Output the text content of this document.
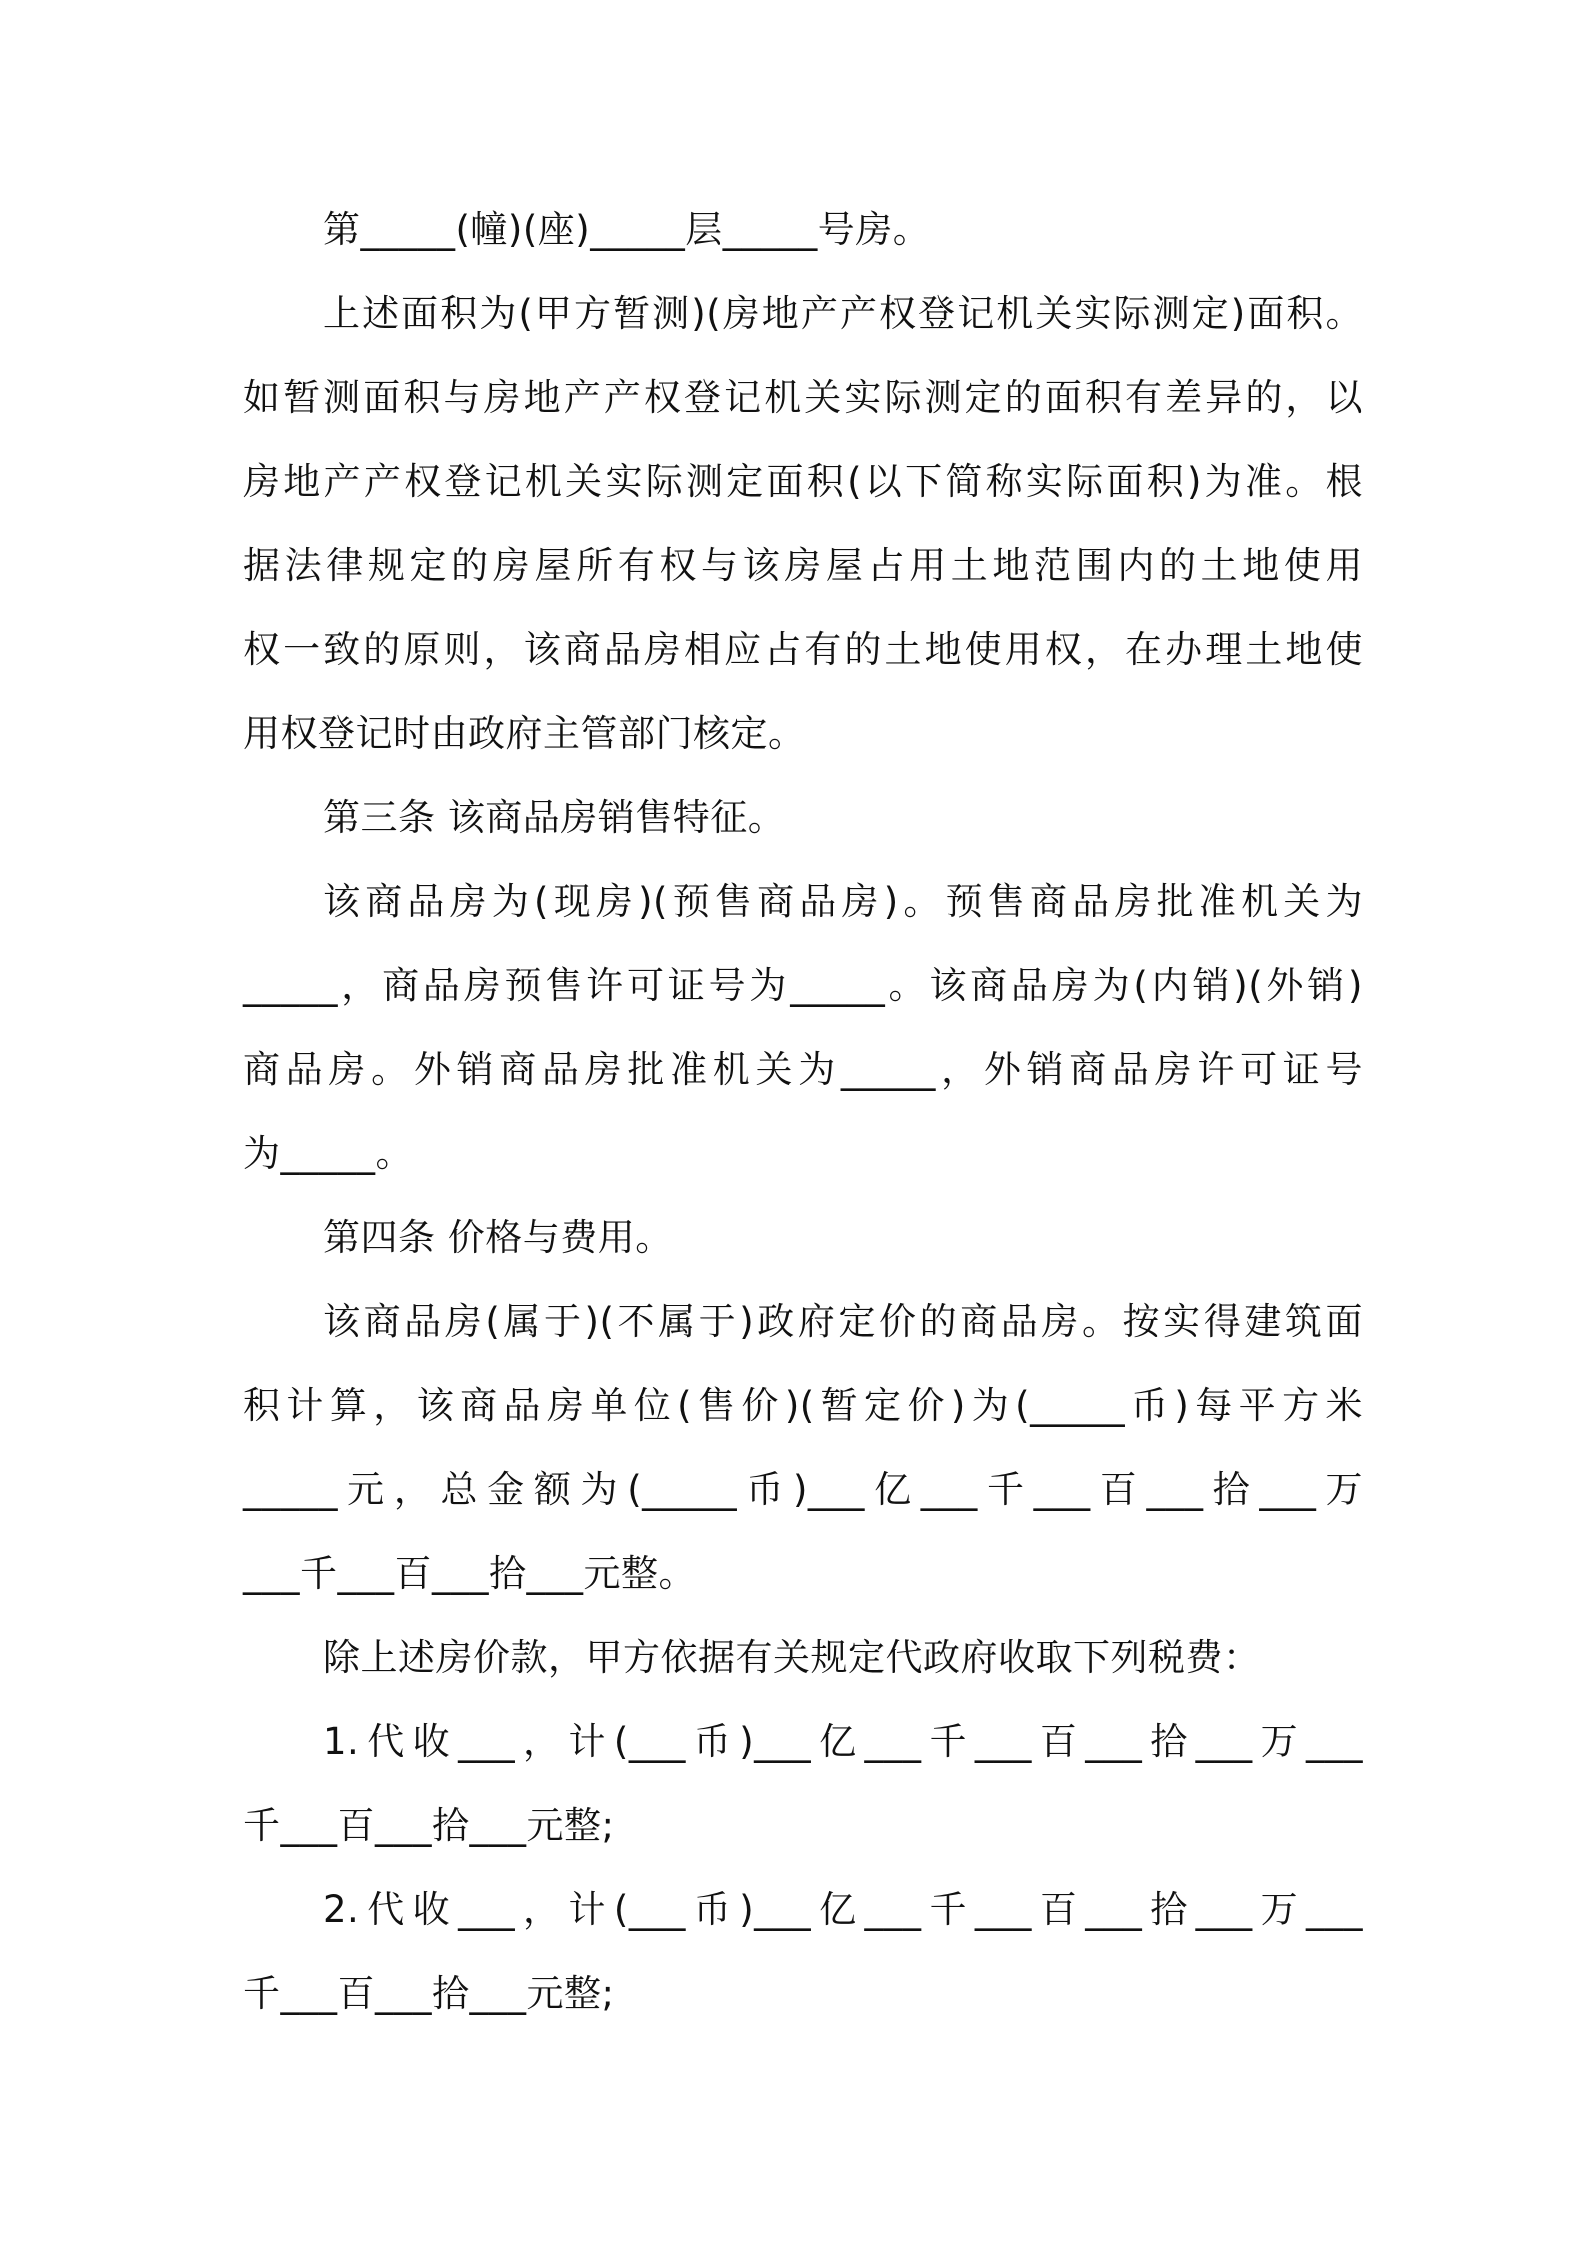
第_____(幢)(座)_____层_____号房。
上述面积为(甲方暂测)(房地产产权登记机关实际测定)面积。
如暂测面积与房地产产权登记机关实际测定的面积有差异的，以
房地产产权登记机关实际测定面积(以下简称实际面积)为准。根
据法律规定的房屋所有权与该房屋占用土地范围内的土地使用
权一致的原则，该商品房相应占有的土地使用权，在办理土地使
用权登记时由政府主管部门核定。
第三条 该商品房销售特征。
该商品房为(现房)(预售商品房)。预售商品房批准机关为
_____，商品房预售许可证号为_____。该商品房为(内销)(外销)
商品房。外销商品房批准机关为_____，外销商品房许可证号
为_____。
第四条 价格与费用。
该商品房(属于)(不属于)政府定价的商品房。按实得建筑面
积计算，该商品房单位(售价)(暂定价)为(_____币)每平方米
_____元，总金额为(_____币)___亿___千___百___拾___万
___千___百___拾___元整。
除上述房价款，甲方依据有关规定代政府收取下列税费：
1.代收___，计(___币)___亿___千___百___拾___万___
千___百___拾___元整;
2.代收___，计(___币)___亿___千___百___拾___万___
千___百___拾___元整;
